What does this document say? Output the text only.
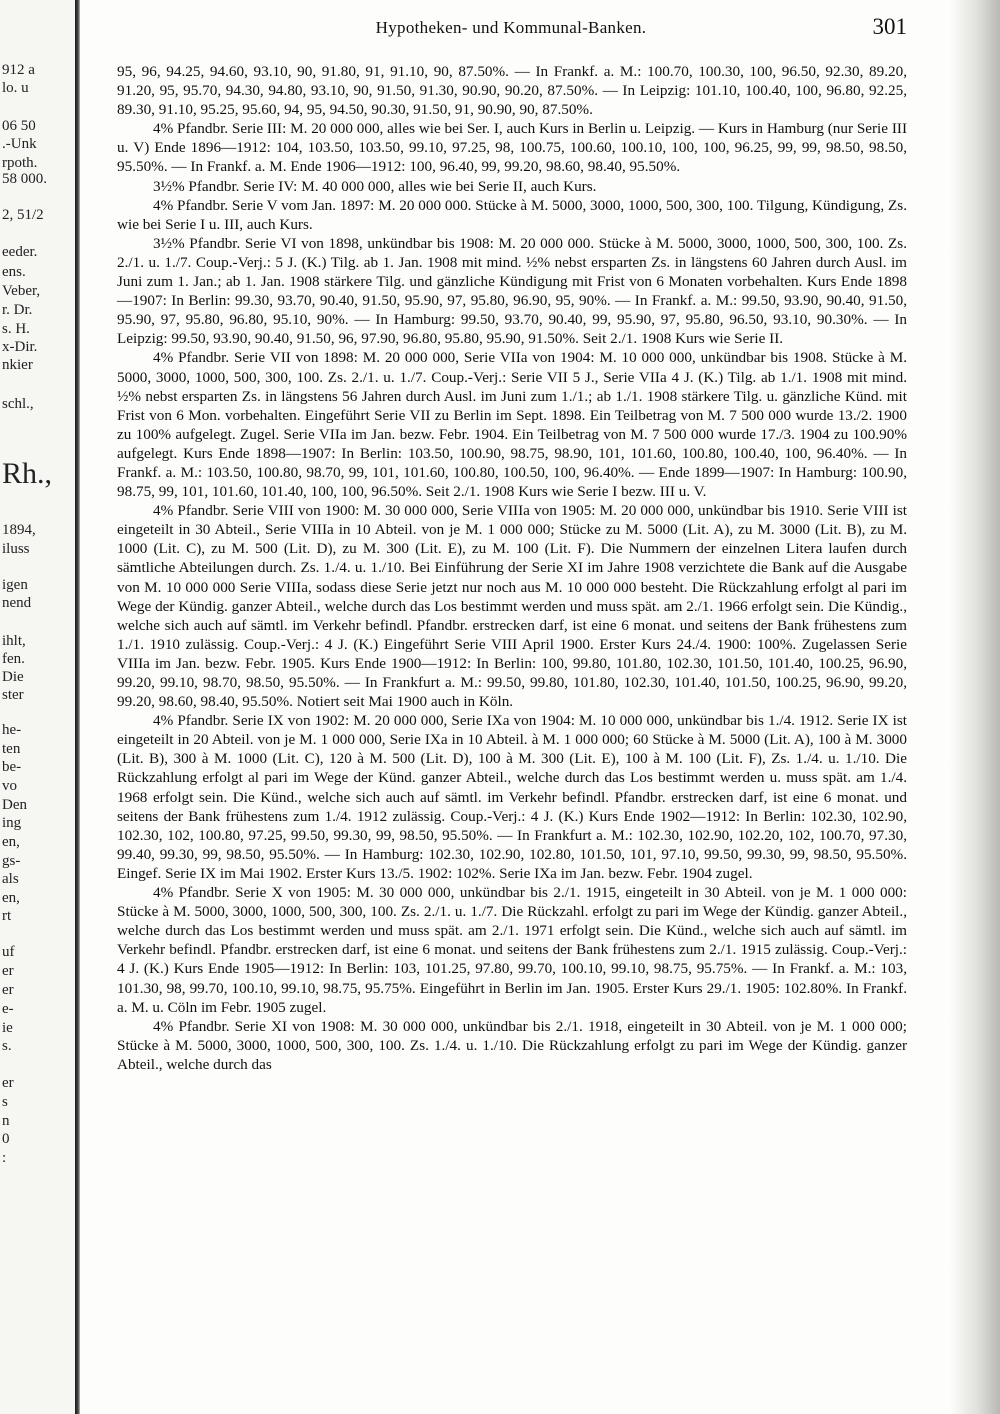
912 a
lo. u
06 50
.-Unk
rpoth.
58 000.
2, 51/2
eeder.
ens.
Veber,
r. Dr.
s. H.
x-Dir.
nkier
schl.,
Rh.,
1894,
iluss
igen
nend
ihlt,
fen.
Die
ster
he-
ten
be-
vo
Den
ing
en,
gs-
als
en,
rt
uf
er
er
e-
ie
s.
er
s
n
0
:
Hypotheken- und Kommunal-Banken.	301

95, 96, 94.25, 94.60, 93.10, 90, 91.80, 91, 91.10, 90, 87.50%. — In Frankf. a. M.: 100.70, 100.30, 100, 96.50, 92.30, 89.20, 91.20, 95, 95.70, 94.30, 94.80, 93.10, 90, 91.50, 91.30, 90.90, 90.20, 87.50%. — In Leipzig: 101.10, 100.40, 100, 96.80, 92.25, 89.30, 91.10, 95.25, 95.60, 94, 95, 94.50, 90.30, 91.50, 91, 90.90, 90, 87.50%.

4% Pfandbr. Serie III: M. 20 000 000, alles wie bei Ser. I, auch Kurs in Berlin u. Leipzig. — Kurs in Hamburg (nur Serie III u. V) Ende 1896—1912: 104, 103.50, 103.50, 99.10, 97.25, 98, 100.75, 100.60, 100.10, 100, 100, 96.25, 99, 99, 98.50, 98.50, 95.50%. — In Frankf. a. M. Ende 1906—1912: 100, 96.40, 99, 99.20, 98.60, 98.40, 95.50%.

3½% Pfandbr. Serie IV: M. 40 000 000, alles wie bei Serie II, auch Kurs.

4% Pfandbr. Serie V vom Jan. 1897: M. 20 000 000. Stücke à M. 5000, 3000, 1000, 500, 300, 100. Tilgung, Kündigung, Zs. wie bei Serie I u. III, auch Kurs.

3½% Pfandbr. Serie VI von 1898, unkündbar bis 1908: M. 20 000 000. Stücke à M. 5000, 3000, 1000, 500, 300, 100. Zs. 2./1. u. 1./7. Coup.-Verj.: 5 J. (K.) Tilg. ab 1. Jan. 1908 mit mind. ½% nebst ersparten Zs. in längstens 60 Jahren durch Ausl. im Juni zum 1. Jan.; ab 1. Jan. 1908 stärkere Tilg. und gänzliche Kündigung mit Frist von 6 Monaten vorbehalten. Kurs Ende 1898—1907: In Berlin: 99.30, 93.70, 90.40, 91.50, 95.90, 97, 95.80, 96.90, 95, 90%. — In Frankf. a. M.: 99.50, 93.90, 90.40, 91.50, 95.90, 97, 95.80, 96.80, 95.10, 90%. — In Hamburg: 99.50, 93.70, 90.40, 99, 95.90, 97, 95.80, 96.50, 93.10, 90.30%. — In Leipzig: 99.50, 93.90, 90.40, 91.50, 96, 97.90, 96.80, 95.80, 95.90, 91.50%. Seit 2./1. 1908 Kurs wie Serie II.

4% Pfandbr. Serie VII von 1898: M. 20 000 000, Serie VIIa von 1904: M. 10 000 000, unkündbar bis 1908. Stücke à M. 5000, 3000, 1000, 500, 300, 100. Zs. 2./1. u. 1./7. Coup.-Verj.: Serie VII 5 J., Serie VIIa 4 J. (K.) Tilg. ab 1./1. 1908 mit mind. ½% nebst ersparten Zs. in längstens 56 Jahren durch Ausl. im Juni zum 1./1.; ab 1./1. 1908 stärkere Tilg. u. gänzliche Künd. mit Frist von 6 Mon. vorbehalten. Eingeführt Serie VII zu Berlin im Sept. 1898. Ein Teilbetrag von M. 7 500 000 wurde 13./2. 1900 zu 100% aufgelegt. Zugel. Serie VIIa im Jan. bezw. Febr. 1904. Ein Teilbetrag von M. 7 500 000 wurde 17./3. 1904 zu 100.90% aufgelegt. Kurs Ende 1898—1907: In Berlin: 103.50, 100.90, 98.75, 98.90, 101, 101.60, 100.80, 100.40, 100, 96.40%. — In Frankf. a. M.: 103.50, 100.80, 98.70, 99, 101, 101.60, 100.80, 100.50, 100, 96.40%. — Ende 1899—1907: In Hamburg: 100.90, 98.75, 99, 101, 101.60, 101.40, 100, 100, 96.50%. Seit 2./1. 1908 Kurs wie Serie I bezw. III u. V.

4% Pfandbr. Serie VIII von 1900: M. 30 000 000, Serie VIIIa von 1905: M. 20 000 000, unkündbar bis 1910. Serie VIII ist eingeteilt in 30 Abteil., Serie VIIIa in 10 Abteil. von je M. 1 000 000; Stücke zu M. 5000 (Lit. A), zu M. 3000 (Lit. B), zu M. 1000 (Lit. C), zu M. 500 (Lit. D), zu M. 300 (Lit. E), zu M. 100 (Lit. F). Die Nummern der einzelnen Litera laufen durch sämtliche Abteilungen durch. Zs. 1./4. u. 1./10. Bei Einführung der Serie XI im Jahre 1908 verzichtete die Bank auf die Ausgabe von M. 10 000 000 Serie VIIIa, sodass diese Serie jetzt nur noch aus M. 10 000 000 besteht. Die Rückzahlung erfolgt al pari im Wege der Kündig. ganzer Abteil., welche durch das Los bestimmt werden und muss spät. am 2./1. 1966 erfolgt sein. Die Kündig., welche sich auch auf sämtl. im Verkehr befindl. Pfandbr. erstrecken darf, ist eine 6 monat. und seitens der Bank frühestens zum 1./1. 1910 zulässig. Coup.-Verj.: 4 J. (K.) Eingeführt Serie VIII April 1900. Erster Kurs 24./4. 1900: 100%. Zugelassen Serie VIIIa im Jan. bezw. Febr. 1905. Kurs Ende 1900—1912: In Berlin: 100, 99.80, 101.80, 102.30, 101.50, 101.40, 100.25, 96.90, 99.20, 99.10, 98.70, 98.50, 95.50%. — In Frankfurt a. M.: 99.50, 99.80, 101.80, 102.30, 101.40, 101.50, 100.25, 96.90, 99.20, 99.20, 98.60, 98.40, 95.50%. Notiert seit Mai 1900 auch in Köln.

4% Pfandbr. Serie IX von 1902: M. 20 000 000, Serie IXa von 1904: M. 10 000 000, unkündbar bis 1./4. 1912. Serie IX ist eingeteilt in 20 Abteil. von je M. 1 000 000, Serie IXa in 10 Abteil. à M. 1 000 000; 60 Stücke à M. 5000 (Lit. A), 100 à M. 3000 (Lit. B), 300 à M. 1000 (Lit. C), 120 à M. 500 (Lit. D), 100 à M. 300 (Lit. E), 100 à M. 100 (Lit. F), Zs. 1./4. u. 1./10. Die Rückzahlung erfolgt al pari im Wege der Künd. ganzer Abteil., welche durch das Los bestimmt werden u. muss spät. am 1./4. 1968 erfolgt sein. Die Künd., welche sich auch auf sämtl. im Verkehr befindl. Pfandbr. erstrecken darf, ist eine 6 monat. und seitens der Bank frühestens zum 1./4. 1912 zulässig. Coup.-Verj.: 4 J. (K.) Kurs Ende 1902—1912: In Berlin: 102.30, 102.90, 102.30, 102, 100.80, 97.25, 99.50, 99.30, 99, 98.50, 95.50%. — In Frankfurt a. M.: 102.30, 102.90, 102.20, 102, 100.70, 97.30, 99.40, 99.30, 99, 98.50, 95.50%. — In Hamburg: 102.30, 102.90, 102.80, 101.50, 101, 97.10, 99.50, 99.30, 99, 98.50, 95.50%. Eingef. Serie IX im Mai 1902. Erster Kurs 13./5. 1902: 102%. Serie IXa im Jan. bezw. Febr. 1904 zugel.

4% Pfandbr. Serie X von 1905: M. 30 000 000, unkündbar bis 2./1. 1915, eingeteilt in 30 Abteil. von je M. 1 000 000: Stücke à M. 5000, 3000, 1000, 500, 300, 100. Zs. 2./1. u. 1./7. Die Rückzahl. erfolgt zu pari im Wege der Kündig. ganzer Abteil., welche durch das Los bestimmt werden und muss spät. am 2./1. 1971 erfolgt sein. Die Künd., welche sich auch auf sämtl. im Verkehr befindl. Pfandbr. erstrecken darf, ist eine 6 monat. und seitens der Bank frühestens zum 2./1. 1915 zulässig. Coup.-Verj.: 4 J. (K.) Kurs Ende 1905—1912: In Berlin: 103, 101.25, 97.80, 99.70, 100.10, 99.10, 98.75, 95.75%. — In Frankf. a. M.: 103, 101.30, 98, 99.70, 100.10, 99.10, 98.75, 95.75%. Eingeführt in Berlin im Jan. 1905. Erster Kurs 29./1. 1905: 102.80%. In Frankf. a. M. u. Cöln im Febr. 1905 zugel.

4% Pfandbr. Serie XI von 1908: M. 30 000 000, unkündbar bis 2./1. 1918, eingeteilt in 30 Abteil. von je M. 1 000 000; Stücke à M. 5000, 3000, 1000, 500, 300, 100. Zs. 1./4. u. 1./10. Die Rückzahlung erfolgt zu pari im Wege der Kündig. ganzer Abteil., welche durch das
